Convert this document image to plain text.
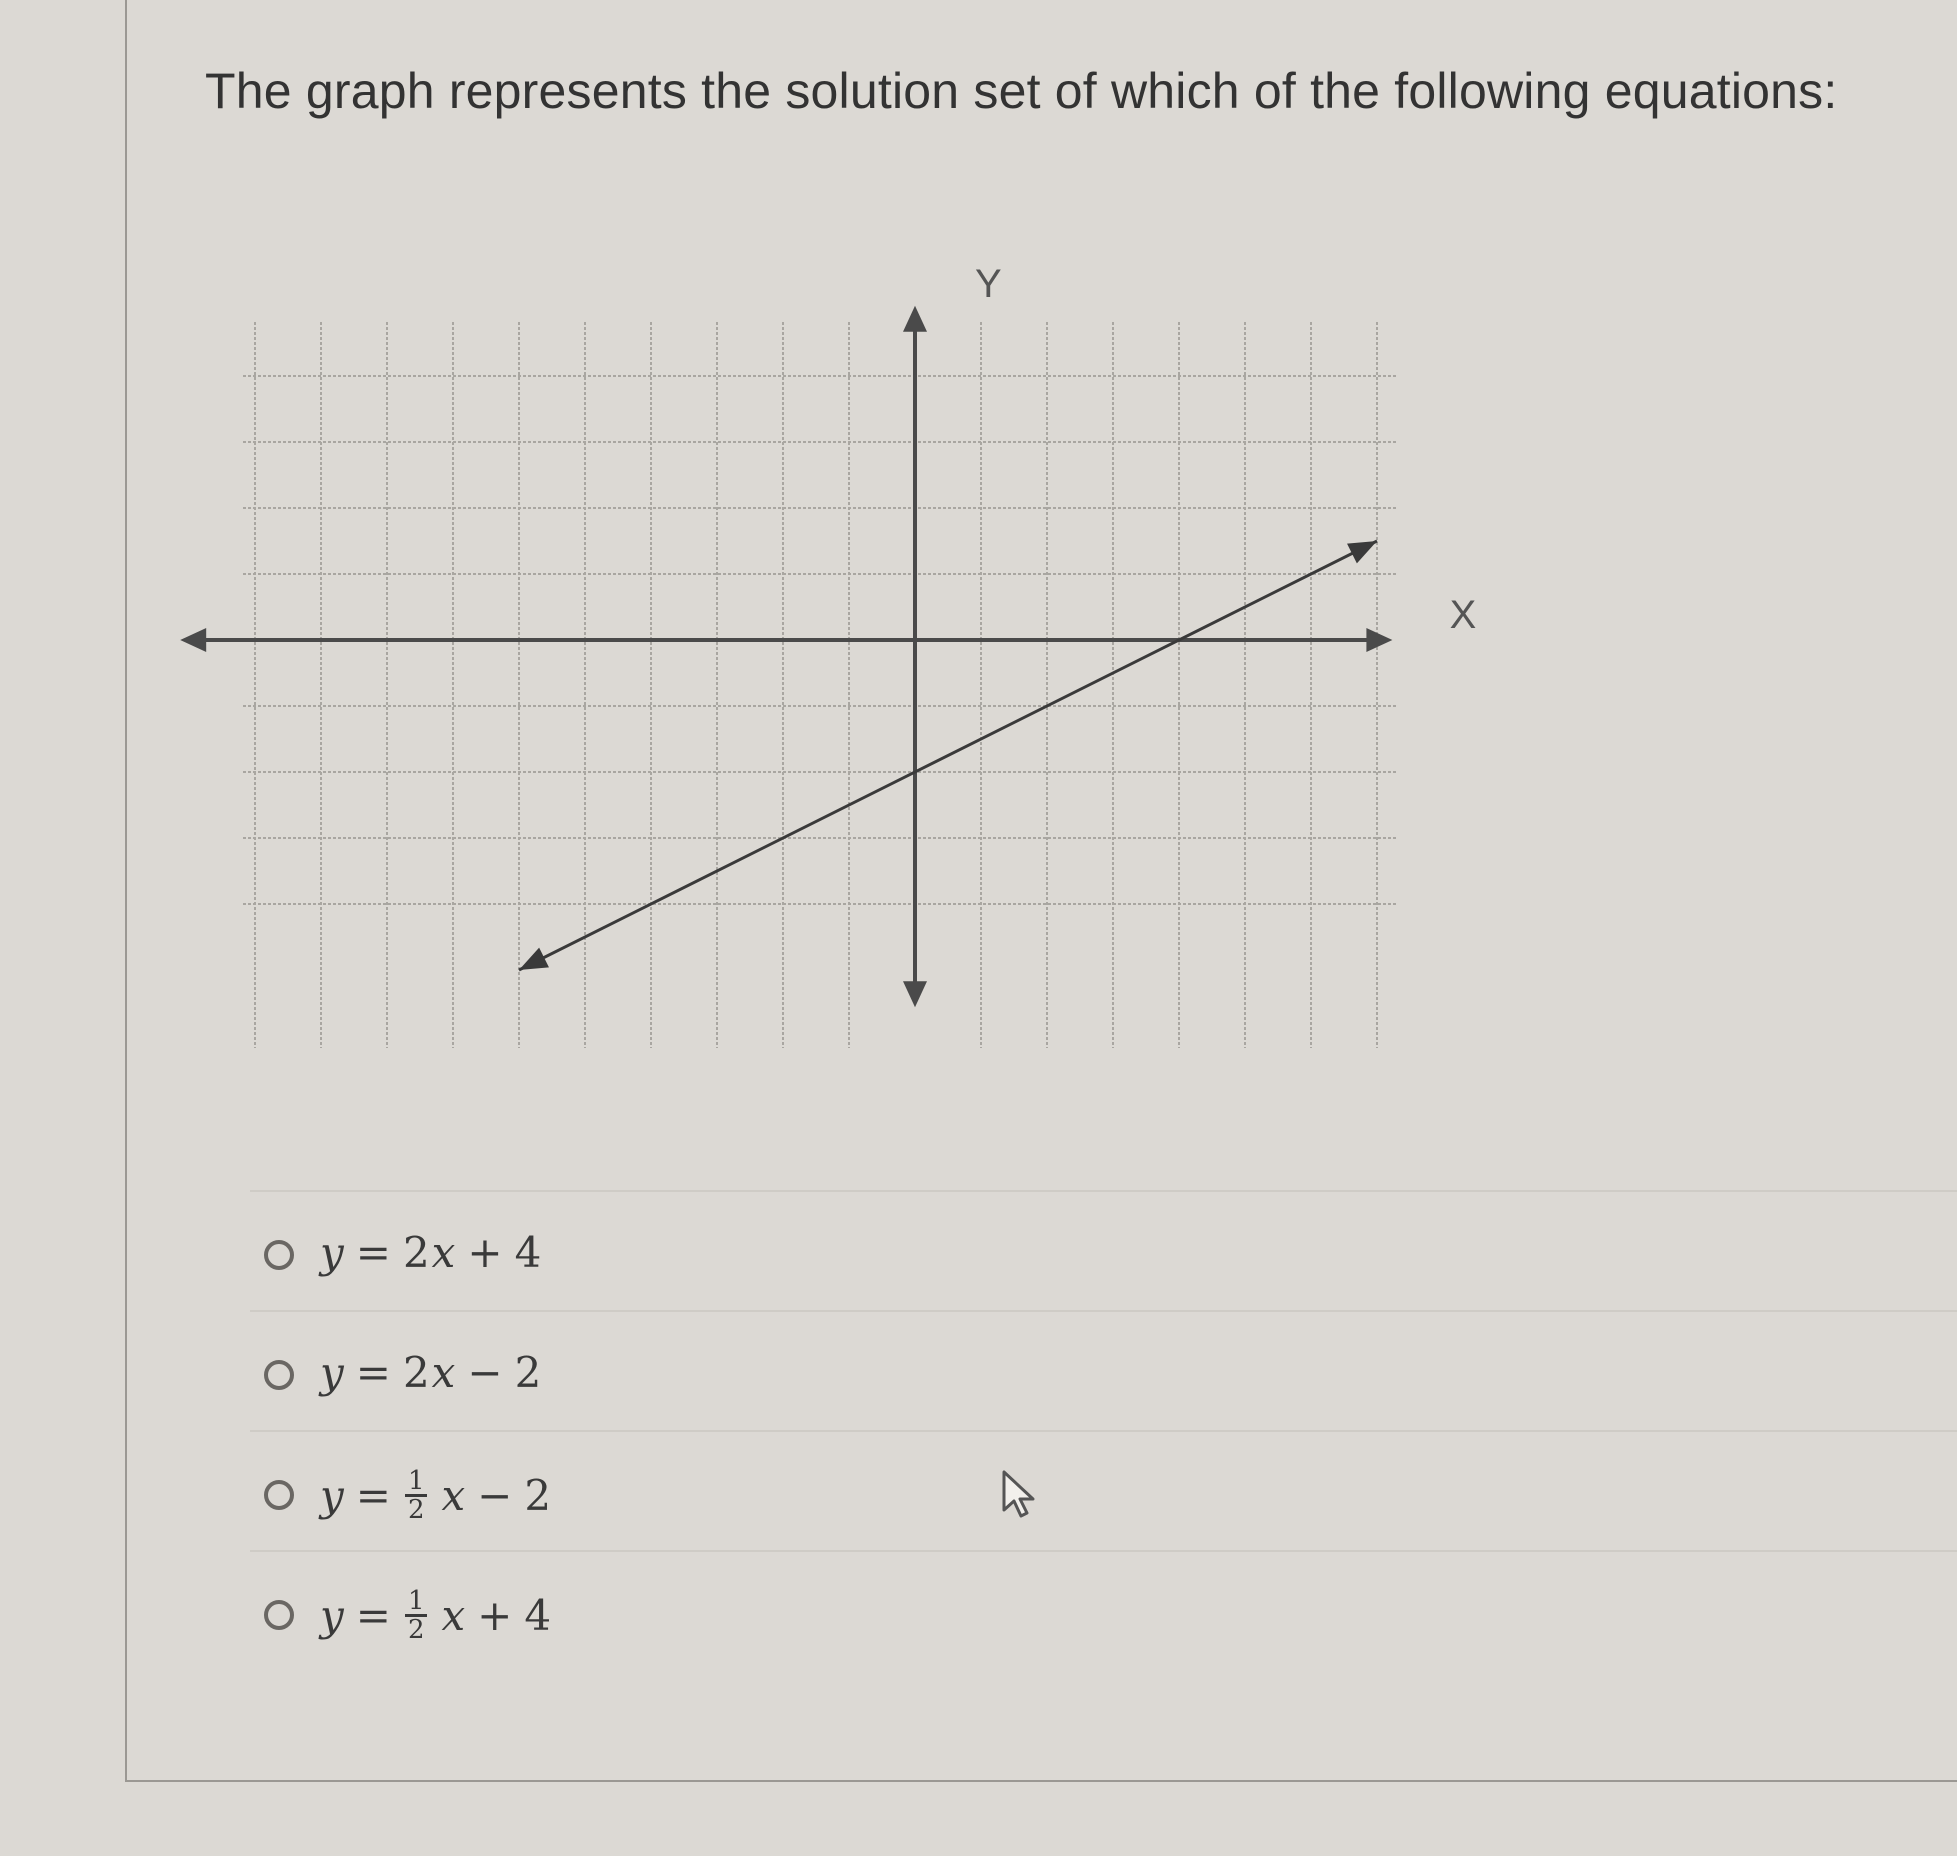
The graph represents the solution set of which of the following equations:
X
Y
y = 2 x + 4
y = 2 x − 2
$y = \frac{1}{2}$ x − 2
$y = \frac{1}{2}$ x + 4
